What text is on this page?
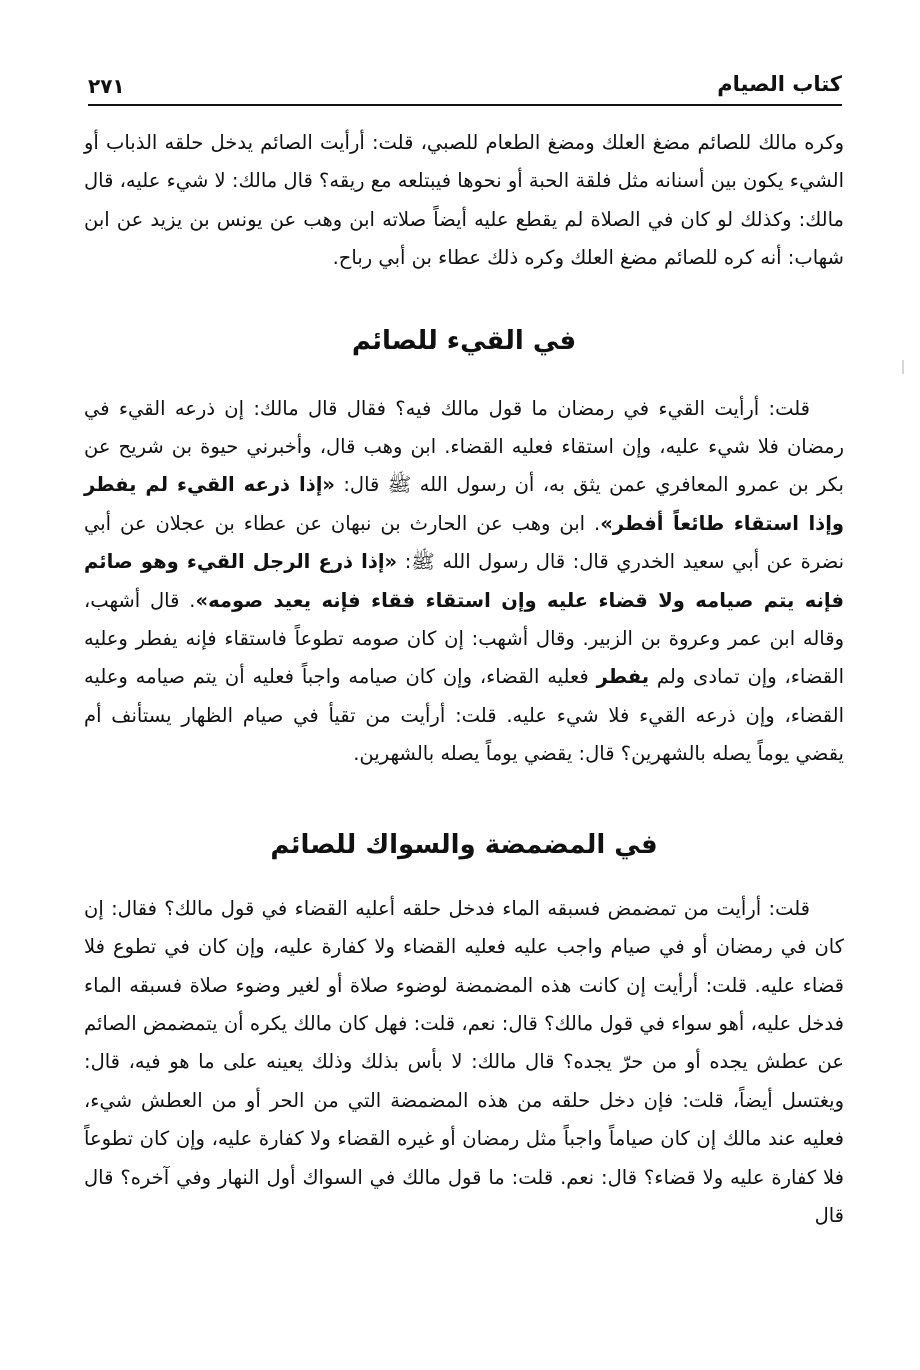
كتاب الصيام
٢٧١

وكره مالك للصائم مضغ العلك ومضغ الطعام للصبي، قلت: أرأيت الصائم يدخل حلقه الذباب أو الشيء يكون بين أسنانه مثل فلقة الحبة أو نحوها فيبتلعه مع ريقه؟ قال مالك: لا شيء عليه، قال مالك: وكذلك لو كان في الصلاة لم يقطع عليه أيضاً صلاته ابن وهب عن يونس بن يزيد عن ابن شهاب: أنه كره للصائم مضغ العلك وكره ذلك عطاء بن أبي رباح.

في القيء للصائم

قلت: أرأيت القيء في رمضان ما قول مالك فيه؟ فقال قال مالك: إن ذرعه القيء في رمضان فلا شيء عليه، وإن استقاء فعليه القضاء. ابن وهب قال، وأخبرني حيوة بن شريح عن بكر بن عمرو المعافري عمن يثق به، أن رسول الله ﷺ قال: «إذا ذرعه القيء لم يفطر وإذا استقاء طائعاً أفطر». ابن وهب عن الحارث بن نبهان عن عطاء بن عجلان عن أبي نضرة عن أبي سعيد الخدري قال: قال رسول الله ﷺ: «إذا ذرع الرجل القيء وهو صائم فإنه يتم صيامه ولا قضاء عليه وإن استقاء فقاء فإنه يعيد صومه». قال أشهب، وقاله ابن عمر وعروة بن الزبير. وقال أشهب: إن كان صومه تطوعاً فاستقاء فإنه يفطر وعليه القضاء، وإن تمادى ولم يفطر فعليه القضاء، وإن كان صيامه واجباً فعليه أن يتم صيامه وعليه القضاء، وإن ذرعه القيء فلا شيء عليه. قلت: أرأيت من تقيأ في صيام الظهار يستأنف أم يقضي يوماً يصله بالشهرين؟ قال: يقضي يوماً يصله بالشهرين.

في المضمضة والسواك للصائم

قلت: أرأيت من تمضمض فسبقه الماء فدخل حلقه أعليه القضاء في قول مالك؟ فقال: إن كان في رمضان أو في صيام واجب عليه فعليه القضاء ولا كفارة عليه، وإن كان في تطوع فلا قضاء عليه. قلت: أرأيت إن كانت هذه المضمضة لوضوء صلاة أو لغير وضوء صلاة فسبقه الماء فدخل عليه، أهو سواء في قول مالك؟ قال: نعم، قلت: فهل كان مالك يكره أن يتمضمض الصائم عن عطش يجده أو من حرّ يجده؟ قال مالك: لا بأس بذلك وذلك يعينه على ما هو فيه، قال: ويغتسل أيضاً، قلت: فإن دخل حلقه من هذه المضمضة التي من الحر أو من العطش شيء، فعليه عند مالك إن كان صياماً واجباً مثل رمضان أو غيره القضاء ولا كفارة عليه، وإن كان تطوعاً فلا كفارة عليه ولا قضاء؟ قال: نعم. قلت: ما قول مالك في السواك أول النهار وفي آخره؟ قال قال
